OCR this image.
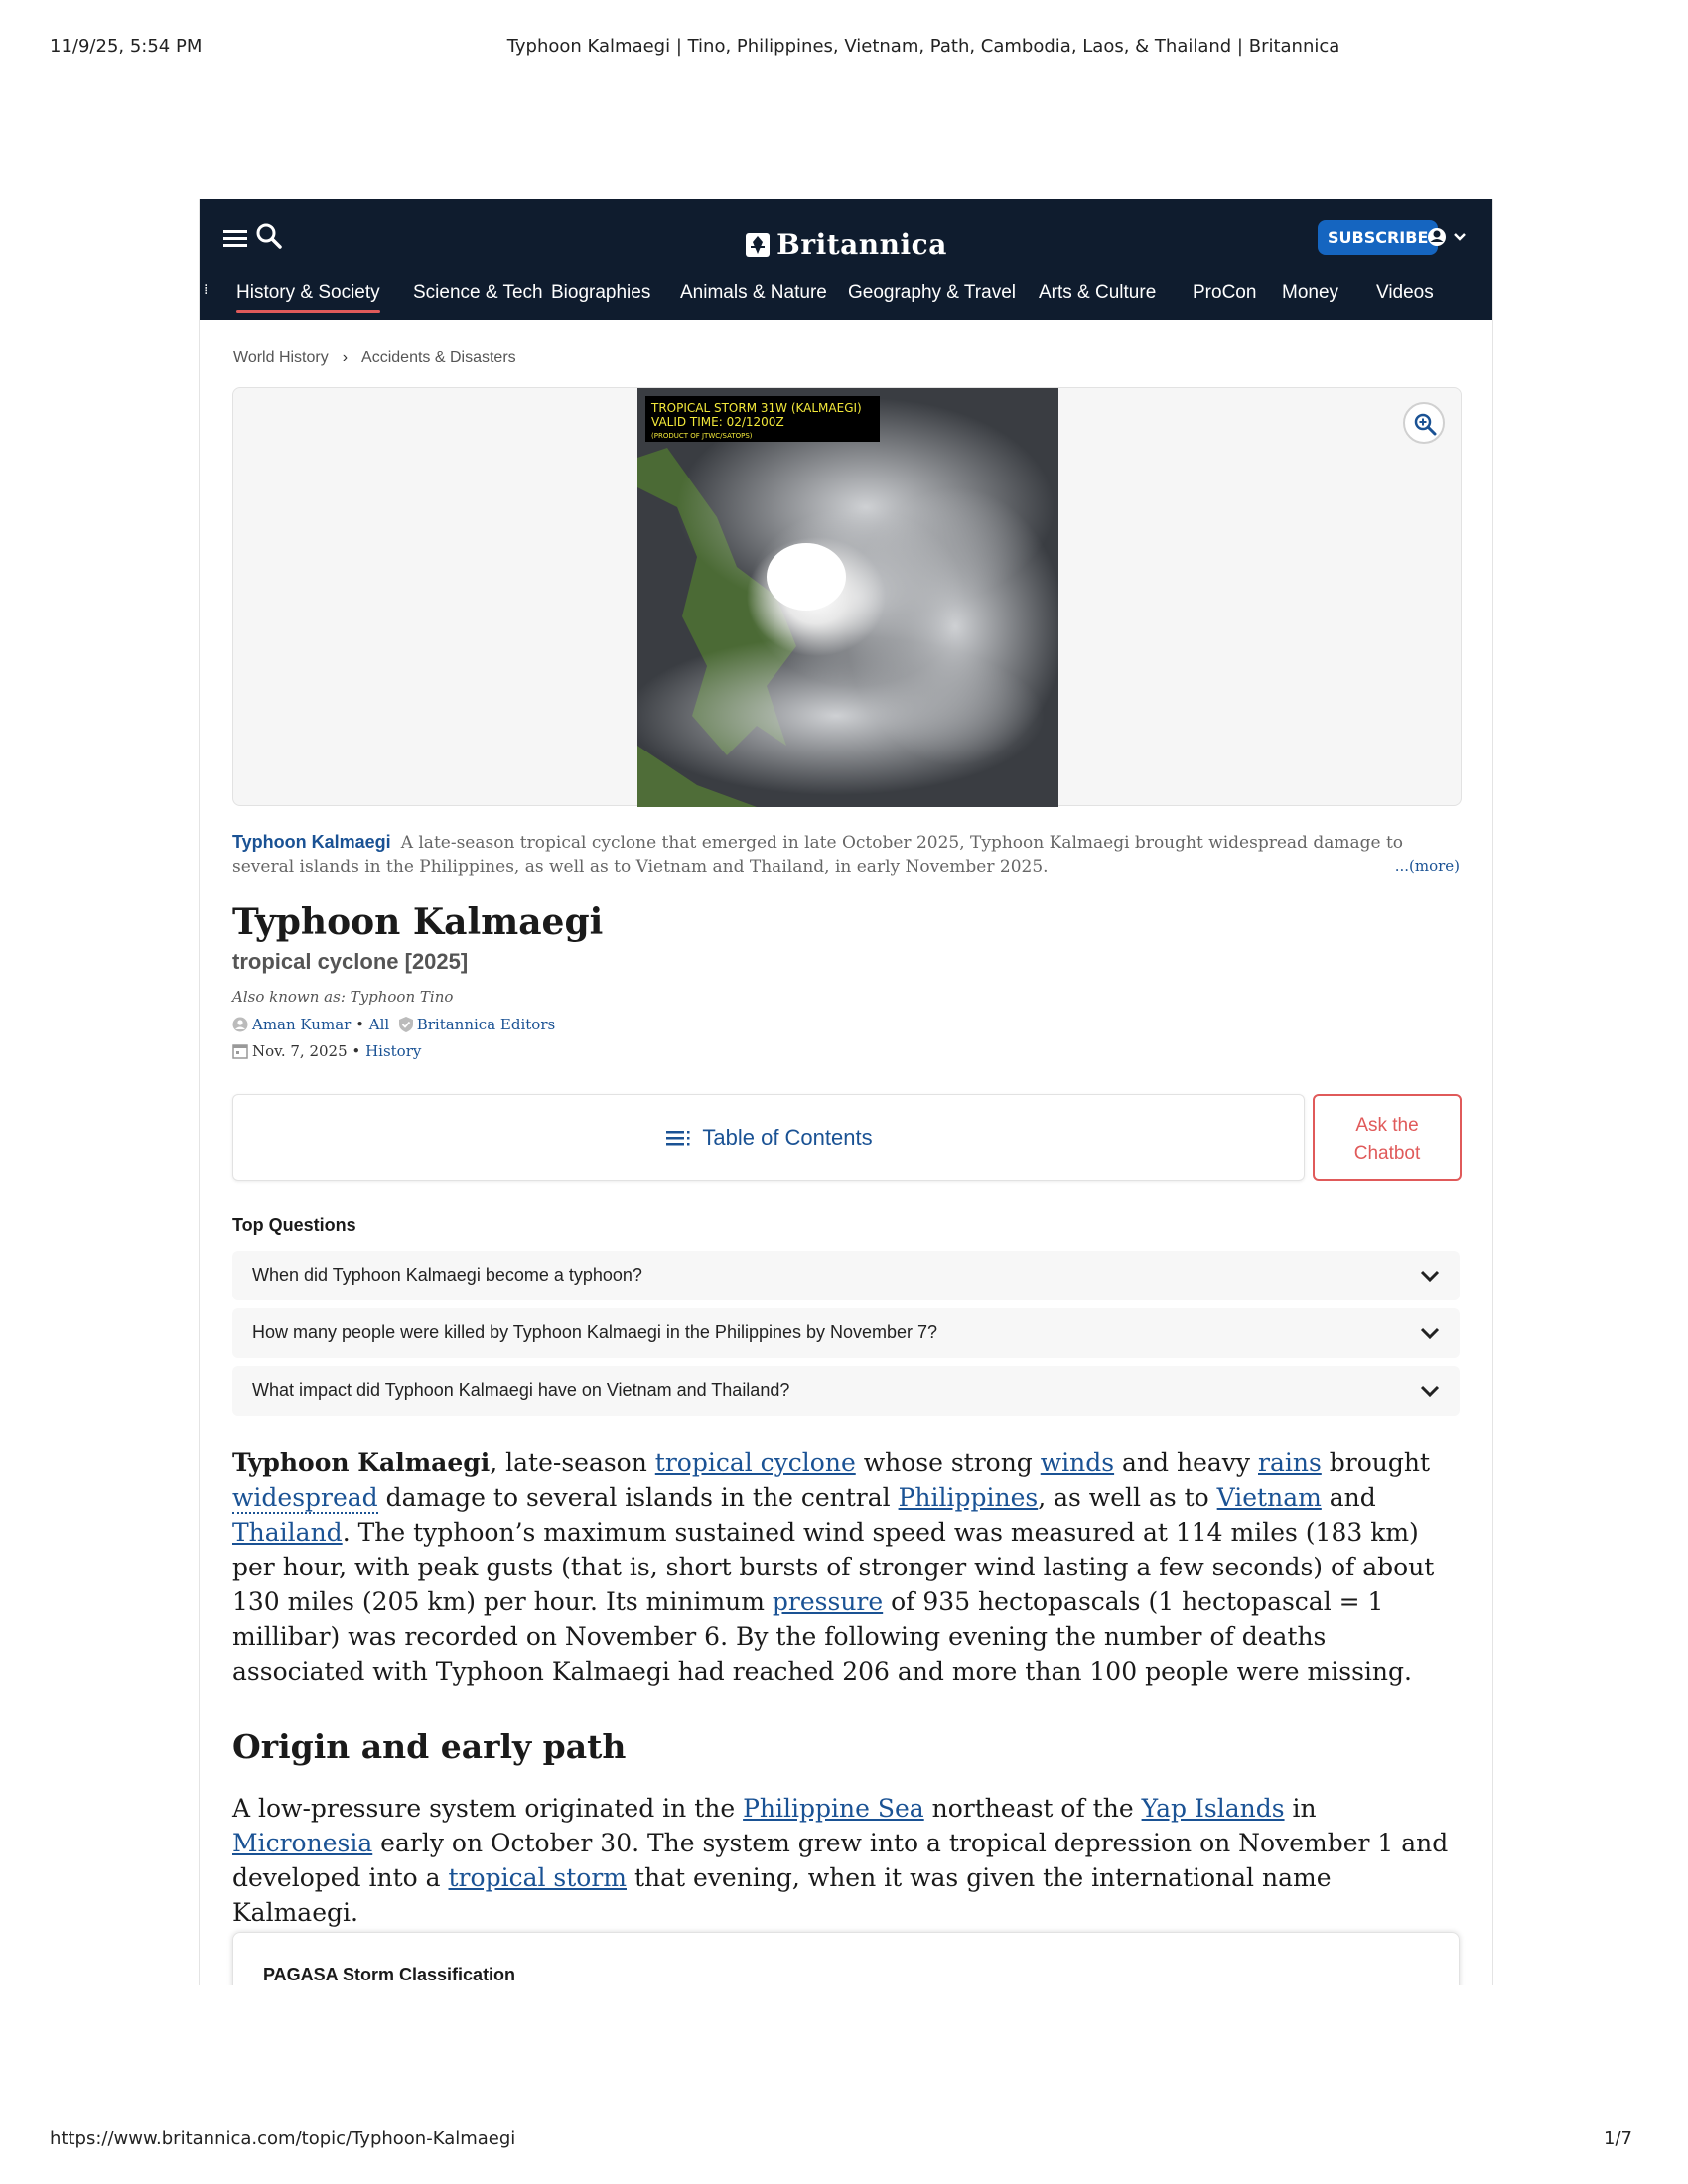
11/9/25, 5:54 PM	Typhoon Kalmaegi | Tino, Philippines, Vietnam, Path, Cambodia, Laos, & Thailand | Britannica
Britannica	SUBSCRIBE
⁞ History & Society Science & Tech Biographies Animals & Nature Geography & Travel Arts & Culture ProCon Money Videos
World History › Accidents & Disasters
TROPICAL STORM 31W (KALMAEGI)
VALID TIME: 02/1200Z
(PRODUCT OF JTWC/SATOPS)
Typhoon Kalmaegi A late-season tropical cyclone that emerged in late October 2025, Typhoon Kalmaegi brought widespread damage to several islands in the Philippines, as well as to Vietnam and Thailand, in early November 2025.	...(more)
Typhoon Kalmaegi
tropical cyclone [2025]
Also known as: Typhoon Tino
Aman Kumar • All Britannica Editors
Nov. 7, 2025 • History
Table of Contents	Ask the
Chatbot
Top Questions
When did Typhoon Kalmaegi become a typhoon?
How many people were killed by Typhoon Kalmaegi in the Philippines by November 7?
What impact did Typhoon Kalmaegi have on Vietnam and Thailand?
Typhoon Kalmaegi, late-season tropical cyclone whose strong winds and heavy rains brought widespread damage to several islands in the central Philippines, as well as to Vietnam and Thailand. The typhoon’s maximum sustained wind speed was measured at 114 miles (183 km) per hour, with peak gusts (that is, short bursts of stronger wind lasting a few seconds) of about 130 miles (205 km) per hour. Its minimum pressure of 935 hectopascals (1 hectopascal = 1 millibar) was recorded on November 6. By the following evening the number of deaths associated with Typhoon Kalmaegi had reached 206 and more than 100 people were missing.
Origin and early path
A low-pressure system originated in the Philippine Sea northeast of the Yap Islands in Micronesia early on October 30. The system grew into a tropical depression on November 1 and developed into a tropical storm that evening, when it was given the international name Kalmaegi.
PAGASA Storm Classification
https://www.britannica.com/topic/Typhoon-Kalmaegi	1/7
